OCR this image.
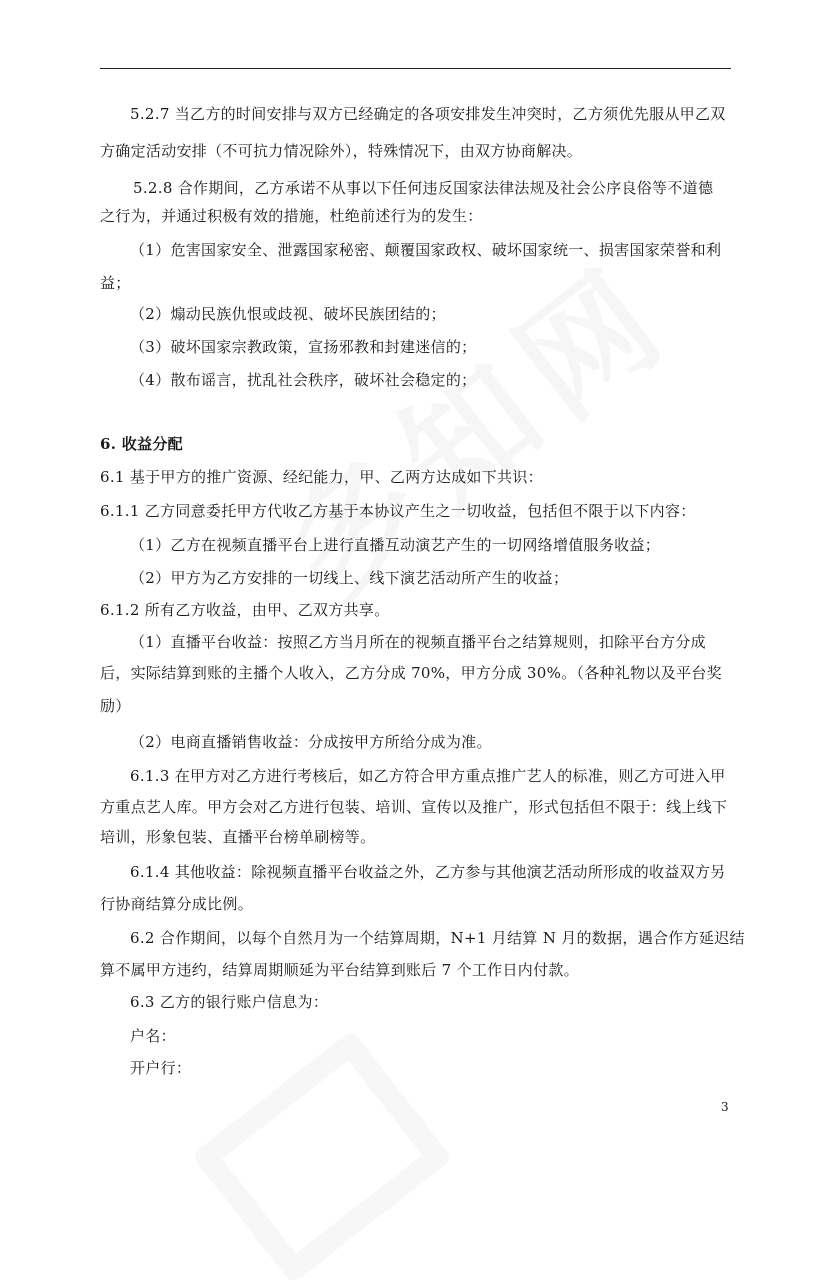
5.2.7 当乙方的时间安排与双方已经确定的各项安排发生冲突时，乙方须优先服从甲乙双
方确定活动安排（不可抗力情况除外），特殊情况下，由双方协商解决。
5.2.8 合作期间，乙方承诺不从事以下任何违反国家法律法规及社会公序良俗等不道德
之行为，并通过积极有效的措施，杜绝前述行为的发生：
（1）危害国家安全、泄露国家秘密、颠覆国家政权、破坏国家统一、损害国家荣誉和利
益；
（2）煽动民族仇恨或歧视、破坏民族团结的；
（3）破坏国家宗教政策，宣扬邪教和封建迷信的；
（4）散布谣言，扰乱社会秩序，破坏社会稳定的；
6. 收益分配
6.1 基于甲方的推广资源、经纪能力，甲、乙两方达成如下共识：
6.1.1 乙方同意委托甲方代收乙方基于本协议产生之一切收益，包括但不限于以下内容：
（1）乙方在视频直播平台上进行直播互动演艺产生的一切网络增值服务收益；
（2）甲方为乙方安排的一切线上、线下演艺活动所产生的收益；
6.1.2 所有乙方收益，由甲、乙双方共享。
（1）直播平台收益：按照乙方当月所在的视频直播平台之结算规则，扣除平台方分成
后，实际结算到账的主播个人收入，乙方分成 70%，甲方分成 30%。（各种礼物以及平台奖
励）
（2）电商直播销售收益：分成按甲方所给分成为准。
6.1.3 在甲方对乙方进行考核后，如乙方符合甲方重点推广艺人的标准，则乙方可进入甲
方重点艺人库。甲方会对乙方进行包装、培训、宣传以及推广，形式包括但不限于：线上线下
培训，形象包装、直播平台榜单刷榜等。
6.1.4 其他收益：除视频直播平台收益之外，乙方参与其他演艺活动所形成的收益双方另
行协商结算分成比例。
6.2 合作期间，以每个自然月为一个结算周期，N+1 月结算 N 月的数据，遇合作方延迟结
算不属甲方违约，结算周期顺延为平台结算到账后 7 个工作日内付款。
6.3 乙方的银行账户信息为：
户名：
开户行：
3
